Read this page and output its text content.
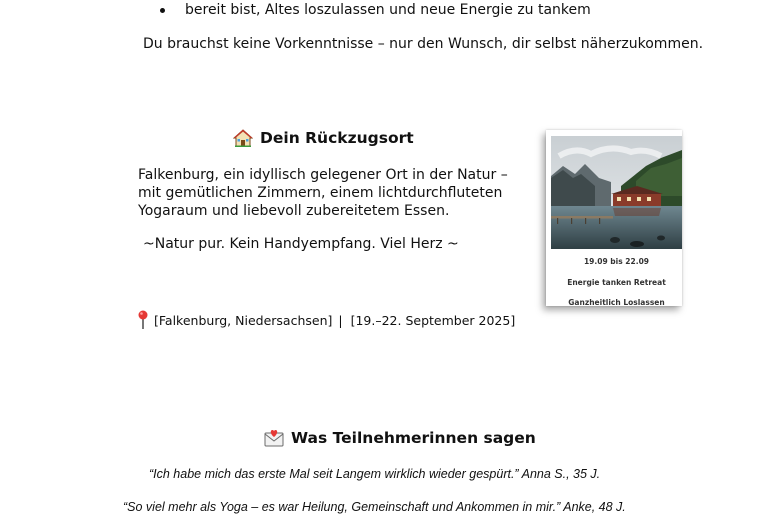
bereit bist, Altes loszulassen und neue Energie zu tankem
Du brauchst keine Vorkenntnisse – nur den Wunsch, dir selbst näherzukommen.
Dein Rückzugsort
Falkenburg, ein idyllisch gelegener Ort in der Natur –
mit gemütlichen Zimmern, einem lichtdurchfluteten
Yogaraum und liebevoll zubereitetem Essen.
~Natur pur. Kein Handyempfang. Viel Herz ~
[Falkenburg, Niedersachsen] | [19.–22. September 2025]
19.09 bis 22.09
Energie tanken Retreat
Ganzheitlich Loslassen
Was Teilnehmerinnen sagen
“Ich habe mich das erste Mal seit Langem wirklich wieder gespürt.” Anna S., 35 J.
“So viel mehr als Yoga – es war Heilung, Gemeinschaft und Ankommen in mir.” Anke, 48 J.
